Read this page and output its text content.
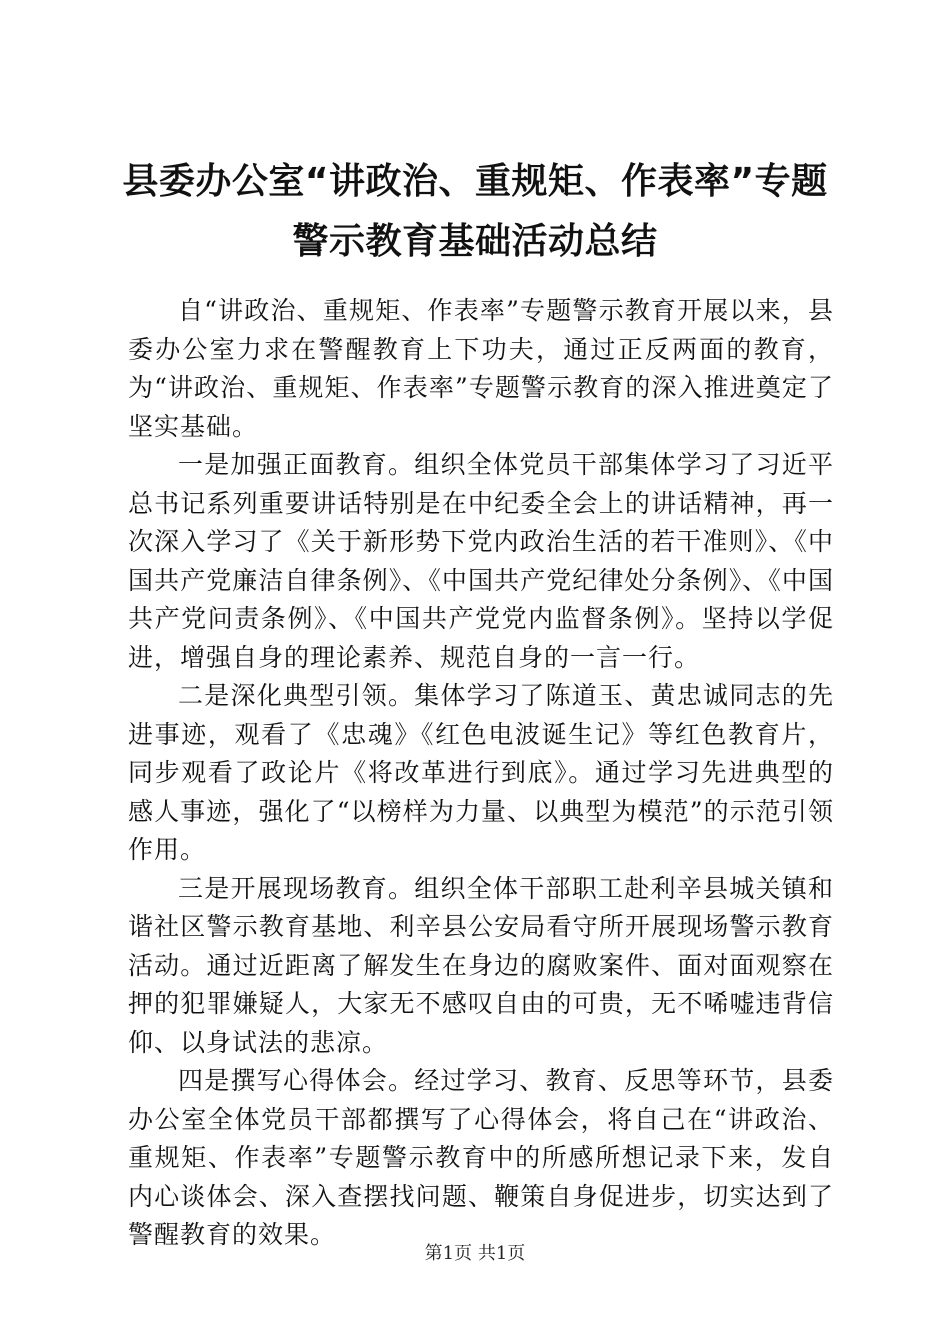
县委办公室“讲政治、重规矩、作表率”专题
警示教育基础活动总结

自“讲政治、重规矩、作表率”专题警示教育开展以来，县委办公室力求在警醒教育上下功夫，通过正反两面的教育，为“讲政治、重规矩、作表率”专题警示教育的深入推进奠定了坚实基础。

一是加强正面教育。组织全体党员干部集体学习了习近平总书记系列重要讲话特别是在中纪委全会上的讲话精神，再一次深入学习了《关于新形势下党内政治生活的若干准则》、《中国共产党廉洁自律条例》、《中国共产党纪律处分条例》、《中国共产党问责条例》、《中国共产党党内监督条例》。坚持以学促进，增强自身的理论素养、规范自身的一言一行。

二是深化典型引领。集体学习了陈道玉、黄忠诚同志的先进事迹，观看了《忠魂》《红色电波诞生记》等红色教育片，同步观看了政论片《将改革进行到底》。通过学习先进典型的感人事迹，强化了“以榜样为力量、以典型为模范”的示范引领作用。

三是开展现场教育。组织全体干部职工赴利辛县城关镇和谐社区警示教育基地、利辛县公安局看守所开展现场警示教育活动。通过近距离了解发生在身边的腐败案件、面对面观察在押的犯罪嫌疑人，大家无不感叹自由的可贵，无不唏嘘违背信仰、以身试法的悲凉。

四是撰写心得体会。经过学习、教育、反思等环节，县委办公室全体党员干部都撰写了心得体会，将自己在“讲政治、重规矩、作表率”专题警示教育中的所感所想记录下来，发自内心谈体会、深入查摆找问题、鞭策自身促进步，切实达到了警醒教育的效果。

第1页 共1页
